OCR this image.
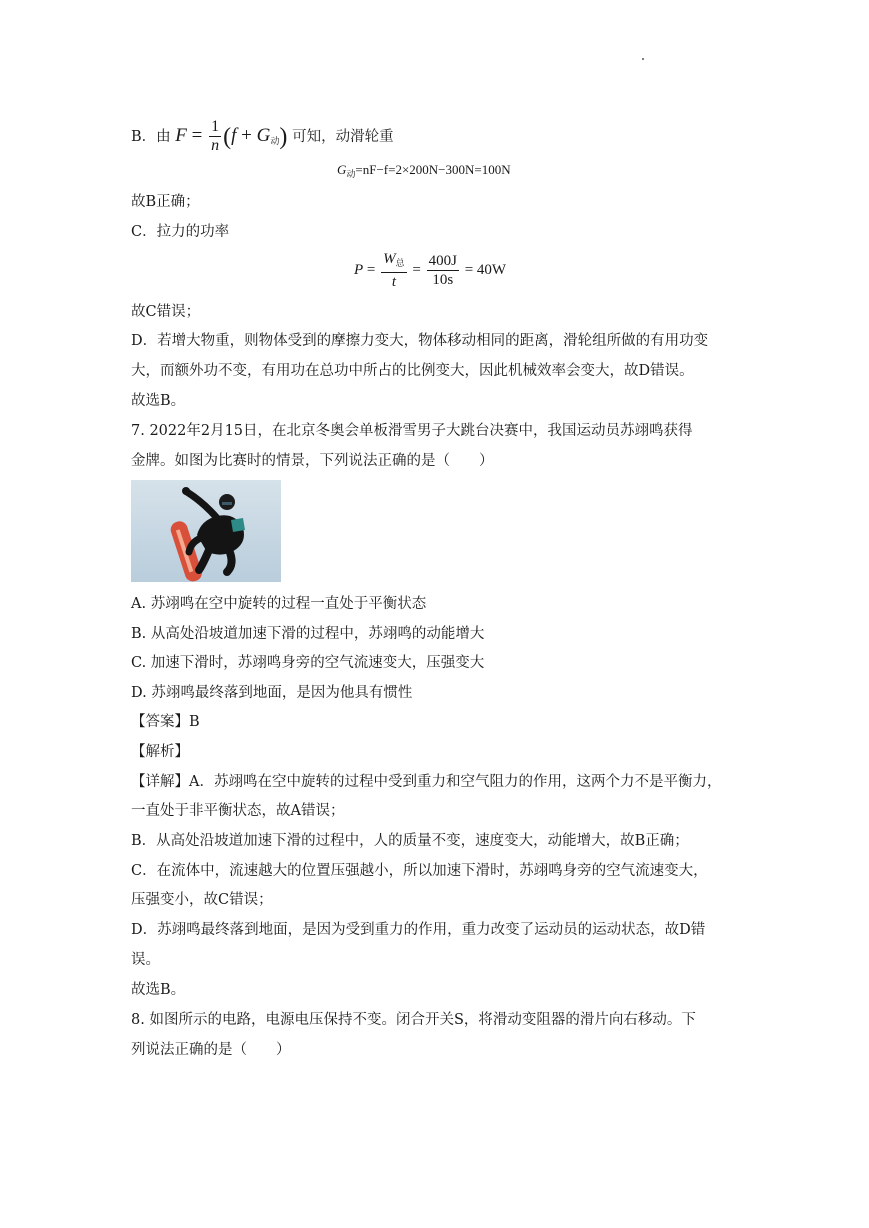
B．由 $F = \frac{1}{n} (f + G_动)$ 可知，动滑轮重
$G_动=nF-f=2\times 200N-300N=100N$
故B正确；
C．拉力的功率
$P = \frac{W_总}{t} = \frac{400J}{10s} = 40W$
故C错误；
D．若增大物重，则物体受到的摩擦力变大，物体移动相同的距离，滑轮组所做的有用功变
大，而额外功不变，有用功在总功中所占的比例变大，因此机械效率会变大，故D错误。
故选B。
7. 2022年2月15日，在北京冬奥会单板滑雪男子大跳台决赛中，我国运动员苏翊鸣获得
金牌。如图为比赛时的情景，下列说法正确的是（　　）
A. 苏翊鸣在空中旋转的过程一直处于平衡状态
B. 从高处沿坡道加速下滑的过程中，苏翊鸣的动能增大
C. 加速下滑时，苏翊鸣身旁的空气流速变大，压强变大
D. 苏翊鸣最终落到地面，是因为他具有惯性
【答案】B
【解析】
【详解】A．苏翊鸣在空中旋转的过程中受到重力和空气阻力的作用，这两个力不是平衡力，
一直处于非平衡状态，故A错误；
B．从高处沿坡道加速下滑的过程中，人的质量不变，速度变大，动能增大，故B正确；
C．在流体中，流速越大的位置压强越小，所以加速下滑时，苏翊鸣身旁的空气流速变大，
压强变小，故C错误；
D．苏翊鸣最终落到地面，是因为受到重力的作用，重力改变了运动员的运动状态，故D错
误。
故选B。
8. 如图所示的电路，电源电压保持不变。闭合开关S，将滑动变阻器的滑片向右移动。下
列说法正确的是（　　）
